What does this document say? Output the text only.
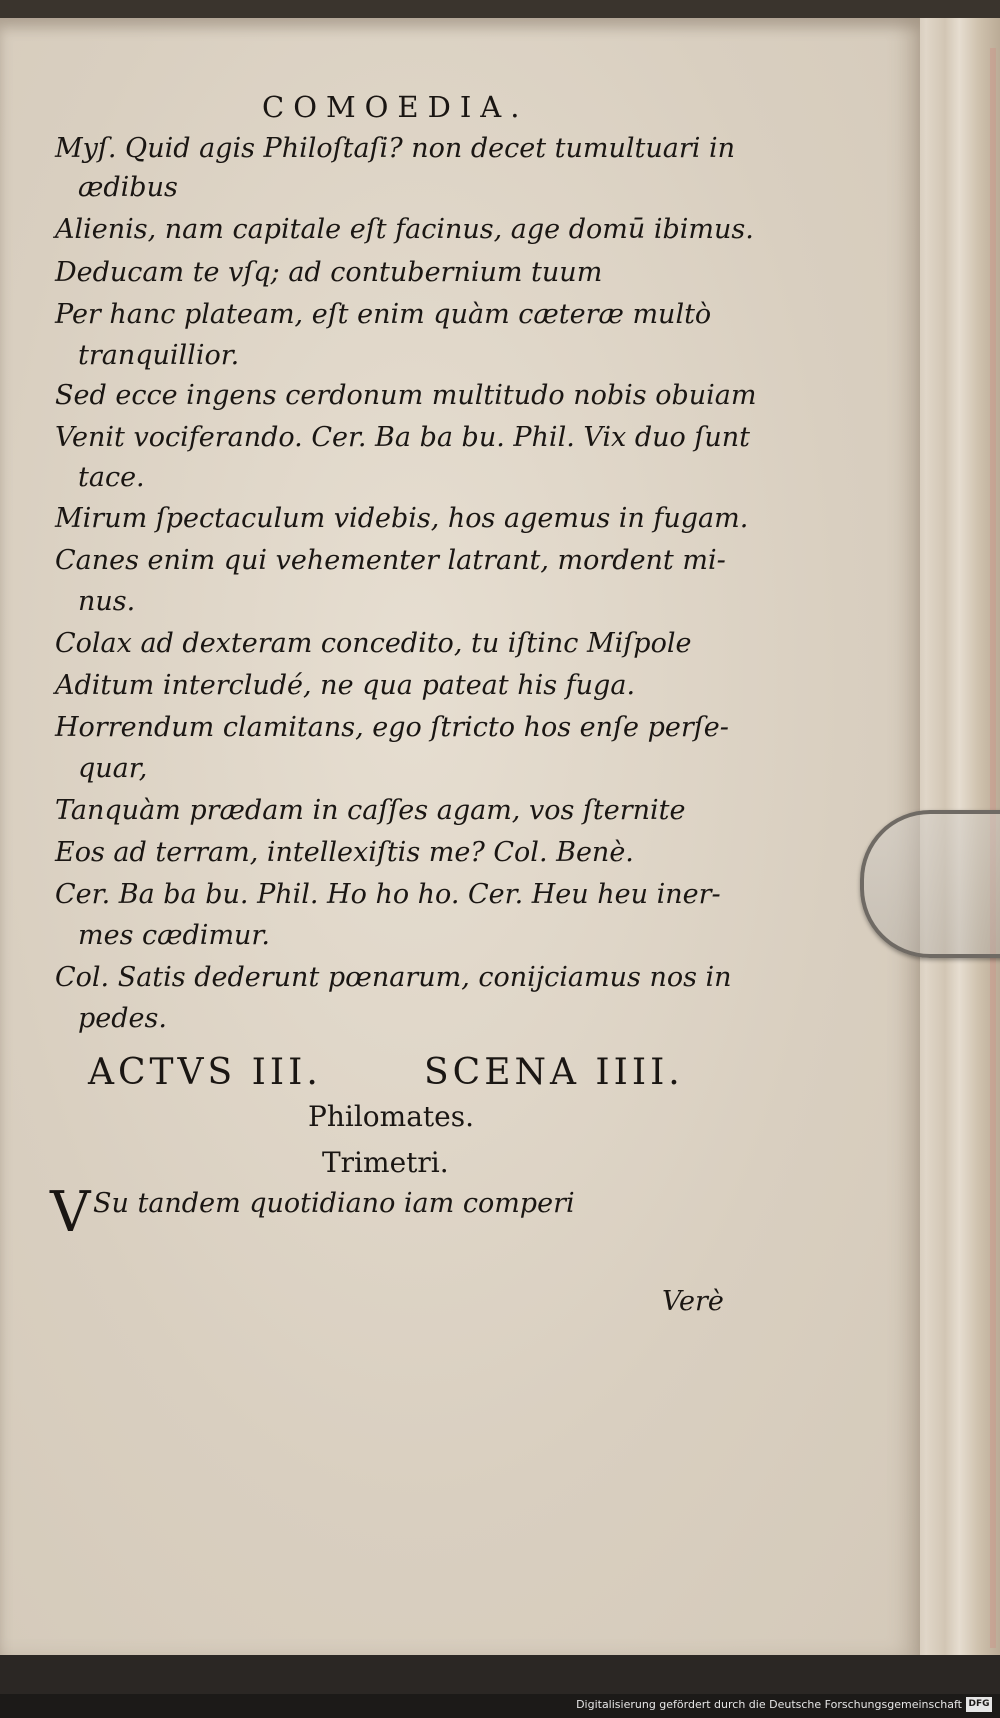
COMOEDIA.
Myſ. Quid agis Philoſtaſi? non decet tumultuari in
ædibus
Alienis, nam capitale eſt facinus, age domū ibimus.
Deducam te vſq; ad contubernium tuum
Per hanc plateam, eſt enim quàm cæteræ multò
tranquillior.
Sed ecce ingens cerdonum multitudo nobis obuiam
Venit vociferando. Cer. Ba ba bu. Phil. Vix duo ſunt
tace.
Mirum ſpectaculum videbis, hos agemus in fugam.
Canes enim qui vehementer latrant, mordent mi-
nus.
Colax ad dexteram concedito, tu iſtinc Miſpole
Aditum intercludé, ne qua pateat his fuga.
Horrendum clamitans, ego ſtricto hos enſe perſe-
quar,
Tanquàm prædam in caſſes agam, vos ſternite
Eos ad terram, intellexiſtis me? Col. Benè.
Cer. Ba ba bu. Phil. Ho ho ho. Cer. Heu heu iner-
mes cædimur.
Col. Satis dederunt pœnarum, conijciamus nos in
pedes.
ACTVS III.	SCENA IIII.
Philomates.
Trimetri.
V Su tandem quotidiano iam comperi
Verè
Digitalisierung gefördert durch die Deutsche Forschungsgemeinschaft DFG
